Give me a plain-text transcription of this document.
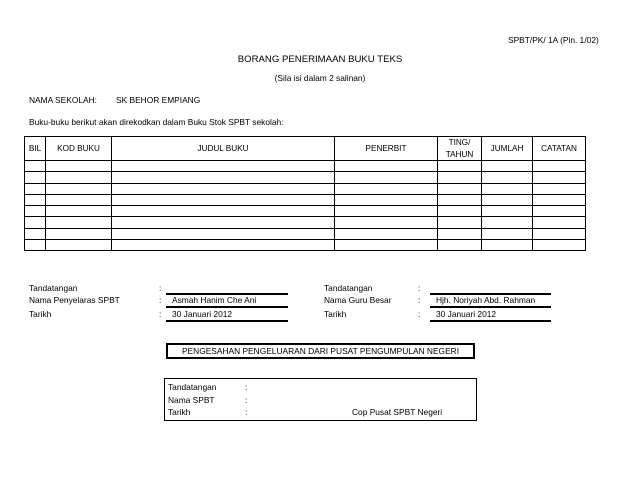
SPBT/PK/ 1A (Pin. 1/02)
BORANG PENERIMAAN BUKU TEKS
(Sila isi dalam 2 salinan)
NAMA SEKOLAH: SK BEHOR EMPIANG
Buku-buku berikut akan direkodkan dalam Buku Stok SPBT sekolah:
BIL	KOD BUKU	JUDUL BUKU	PENERBIT	TING/
TAHUN	JUMLAH	CATATAN

Tandatangan	:
Nama Penyelaras SPBT	: Asmah Hanim Che Ani
Tarikh	: 30 Januari 2012
Tandatangan	:
Nama Guru Besar	: Hjh. Noriyah Abd. Rahman
Tarikh	: 30 Januari 2012
PENGESAHAN PENGELUARAN DARI PUSAT PENGUMPULAN NEGERI
Tandatangan	:
Nama SPBT	:
Tarikh	:	Cop Pusat SPBT Negeri
